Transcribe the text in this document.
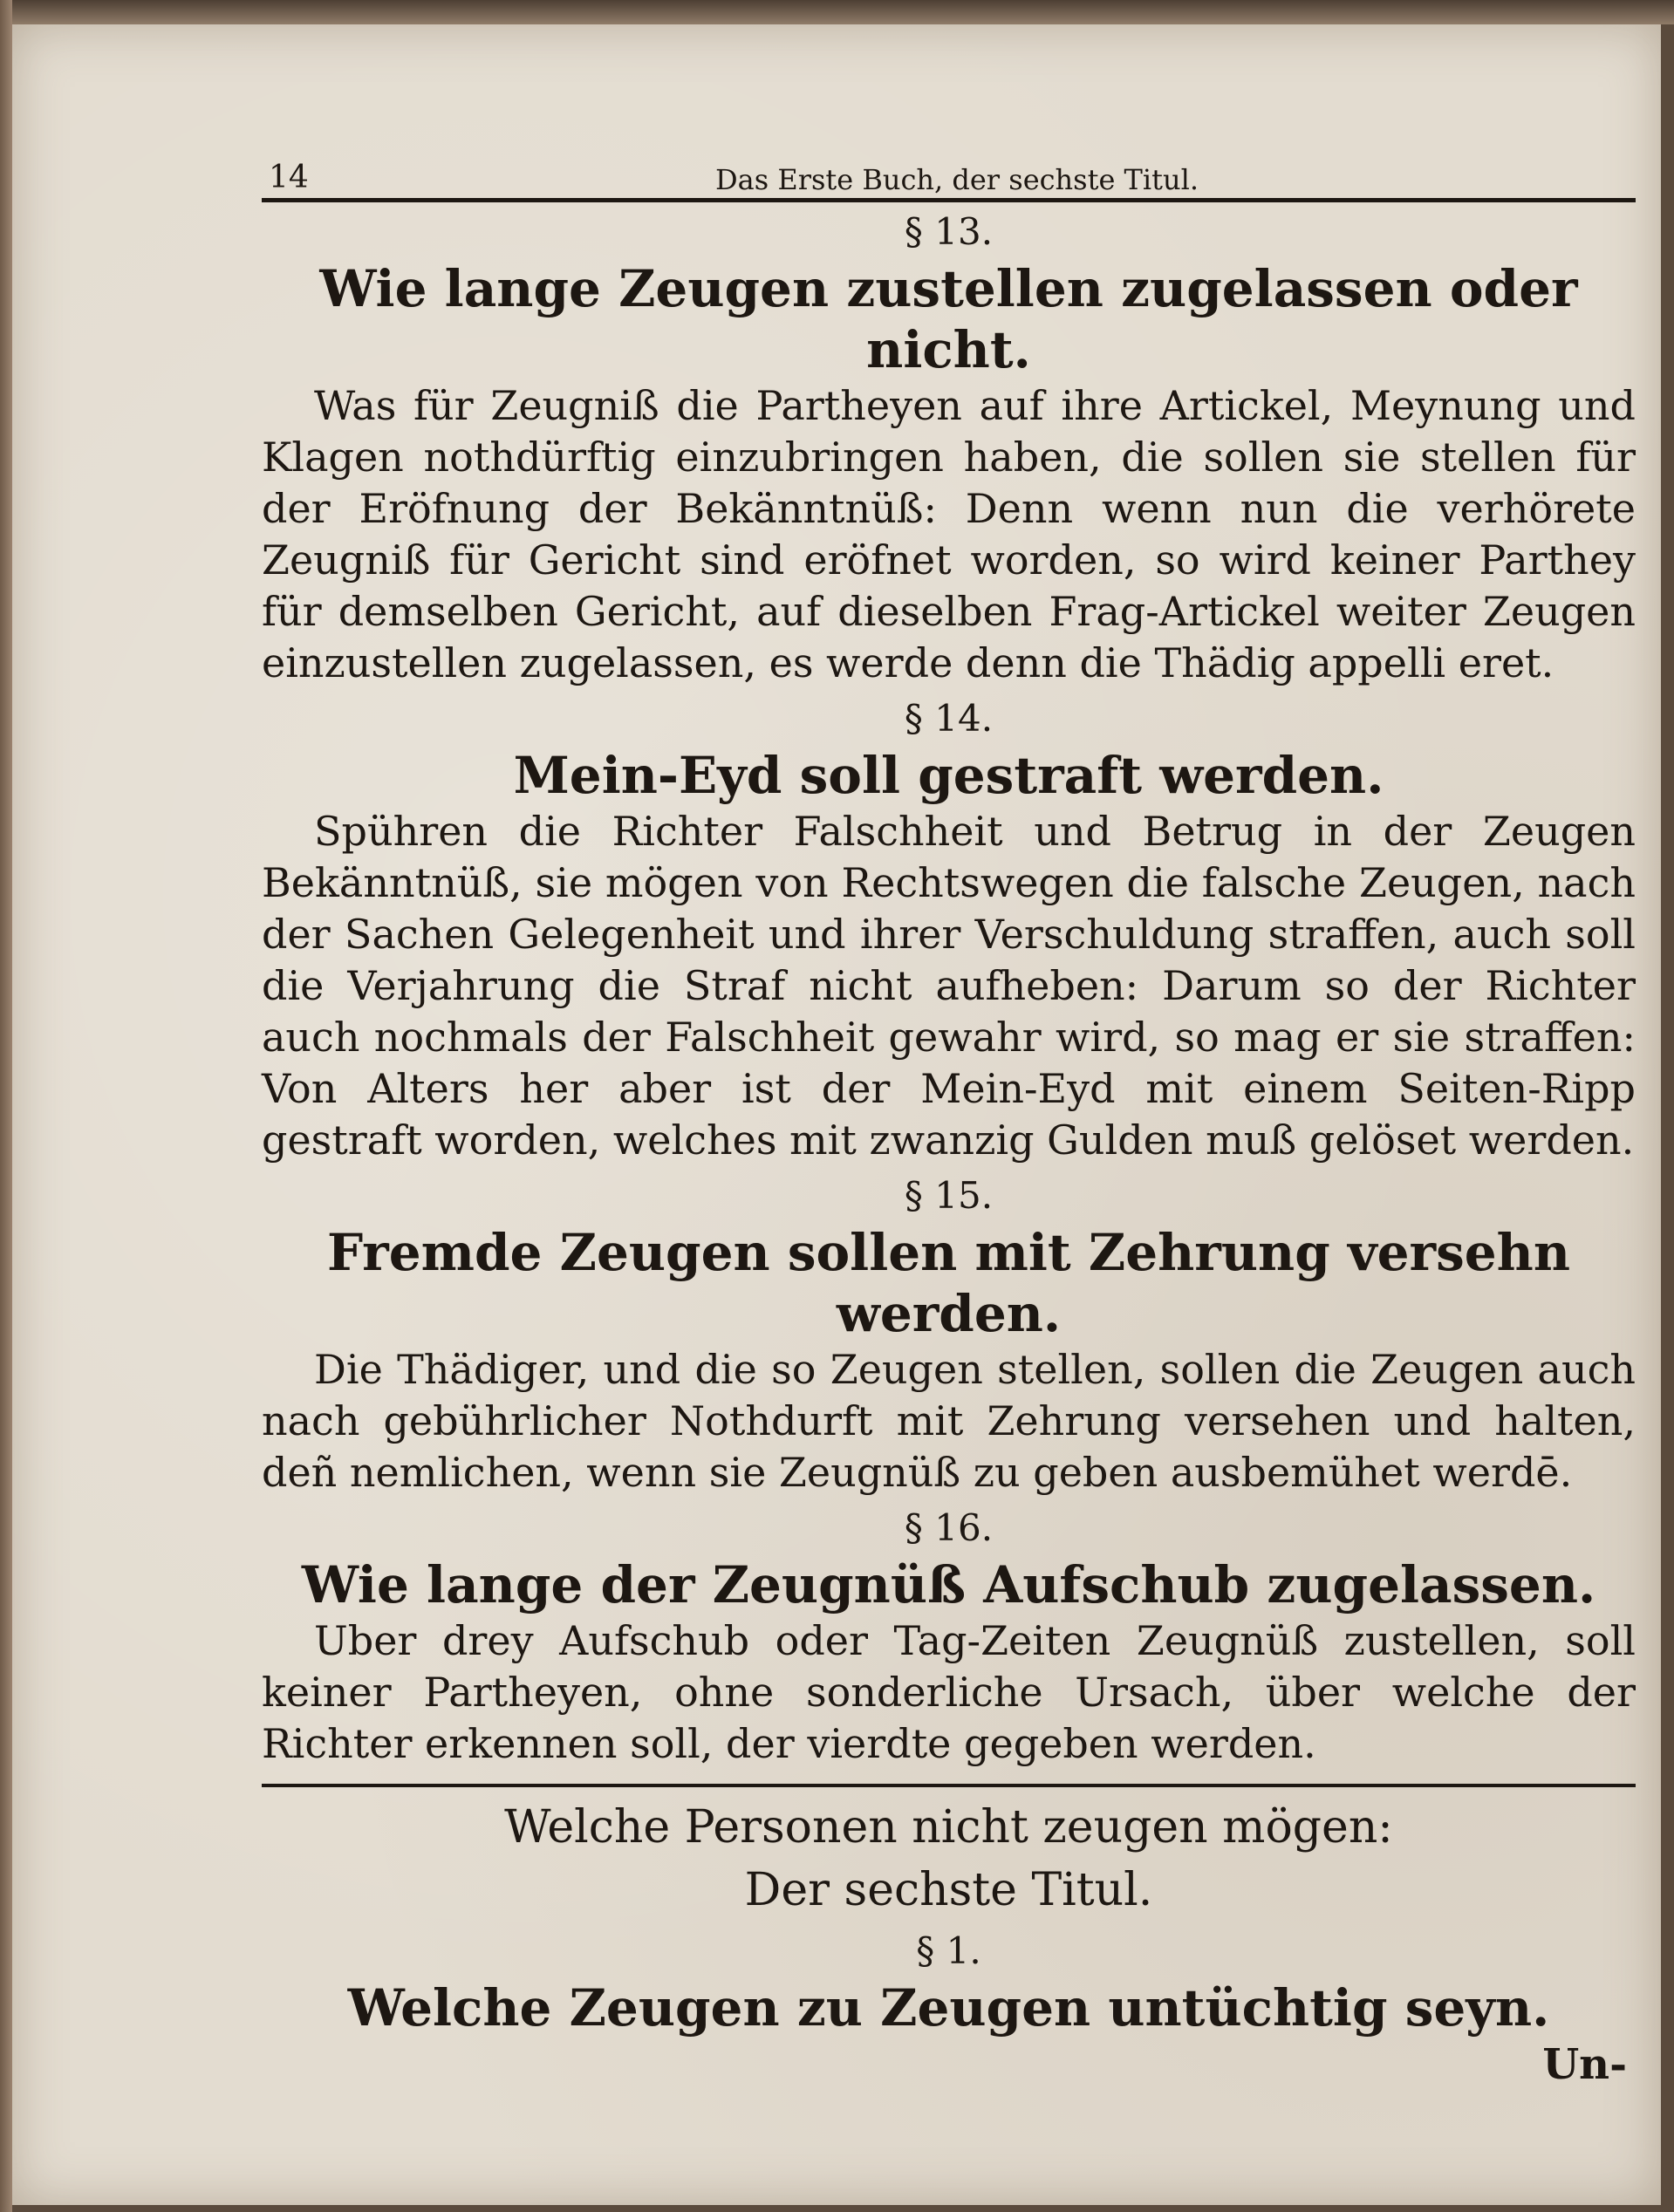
14	Das Erste Buch, der sechste Titul.
§ 13.
Wie lange Zeugen zustellen zugelassen oder nicht.

Was für Zeugniß die Partheyen auf ihre Artickel, Meynung und Klagen nothdürftig einzubringen haben, die sollen sie stellen für der Eröfnung der Bekänntnüß: Denn wenn nun die verhörete Zeugniß für Gericht sind eröfnet worden, so wird keiner Parthey für demselben Gericht, auf dieselben Frag-Artickel weiter Zeugen einzustellen zugelassen, es werde denn die Thädig appelli eret.

§ 14.
Mein-Eyd soll gestraft werden.

Spühren die Richter Falschheit und Betrug in der Zeugen Bekänntnüß, sie mögen von Rechtswegen die falsche Zeugen, nach der Sachen Gelegenheit und ihrer Verschuldung straffen, auch soll die Verjahrung die Straf nicht aufheben: Darum so der Richter auch nochmals der Falschheit gewahr wird, so mag er sie straffen: Von Alters her aber ist der Mein-Eyd mit einem Seiten-Ripp gestraft worden, welches mit zwanzig Gulden muß gelöset werden.

§ 15.
Fremde Zeugen sollen mit Zehrung versehn werden.

Die Thädiger, und die so Zeugen stellen, sollen die Zeugen auch nach gebührlicher Nothdurft mit Zehrung versehen und halten, deñ nemlichen, wenn sie Zeugnüß zu geben ausbemühet werdē.

§ 16.
Wie lange der Zeugnüß Aufschub zugelassen.

Uber drey Aufschub oder Tag-Zeiten Zeugnüß zustellen, soll keiner Partheyen, ohne sonderliche Ursach, über welche der Richter erkennen soll, der vierdte gegeben werden.

Welche Personen nicht zeugen mögen:
Der sechste Titul.
§ 1.
Welche Zeugen zu Zeugen untüchtig seyn.
Un-
